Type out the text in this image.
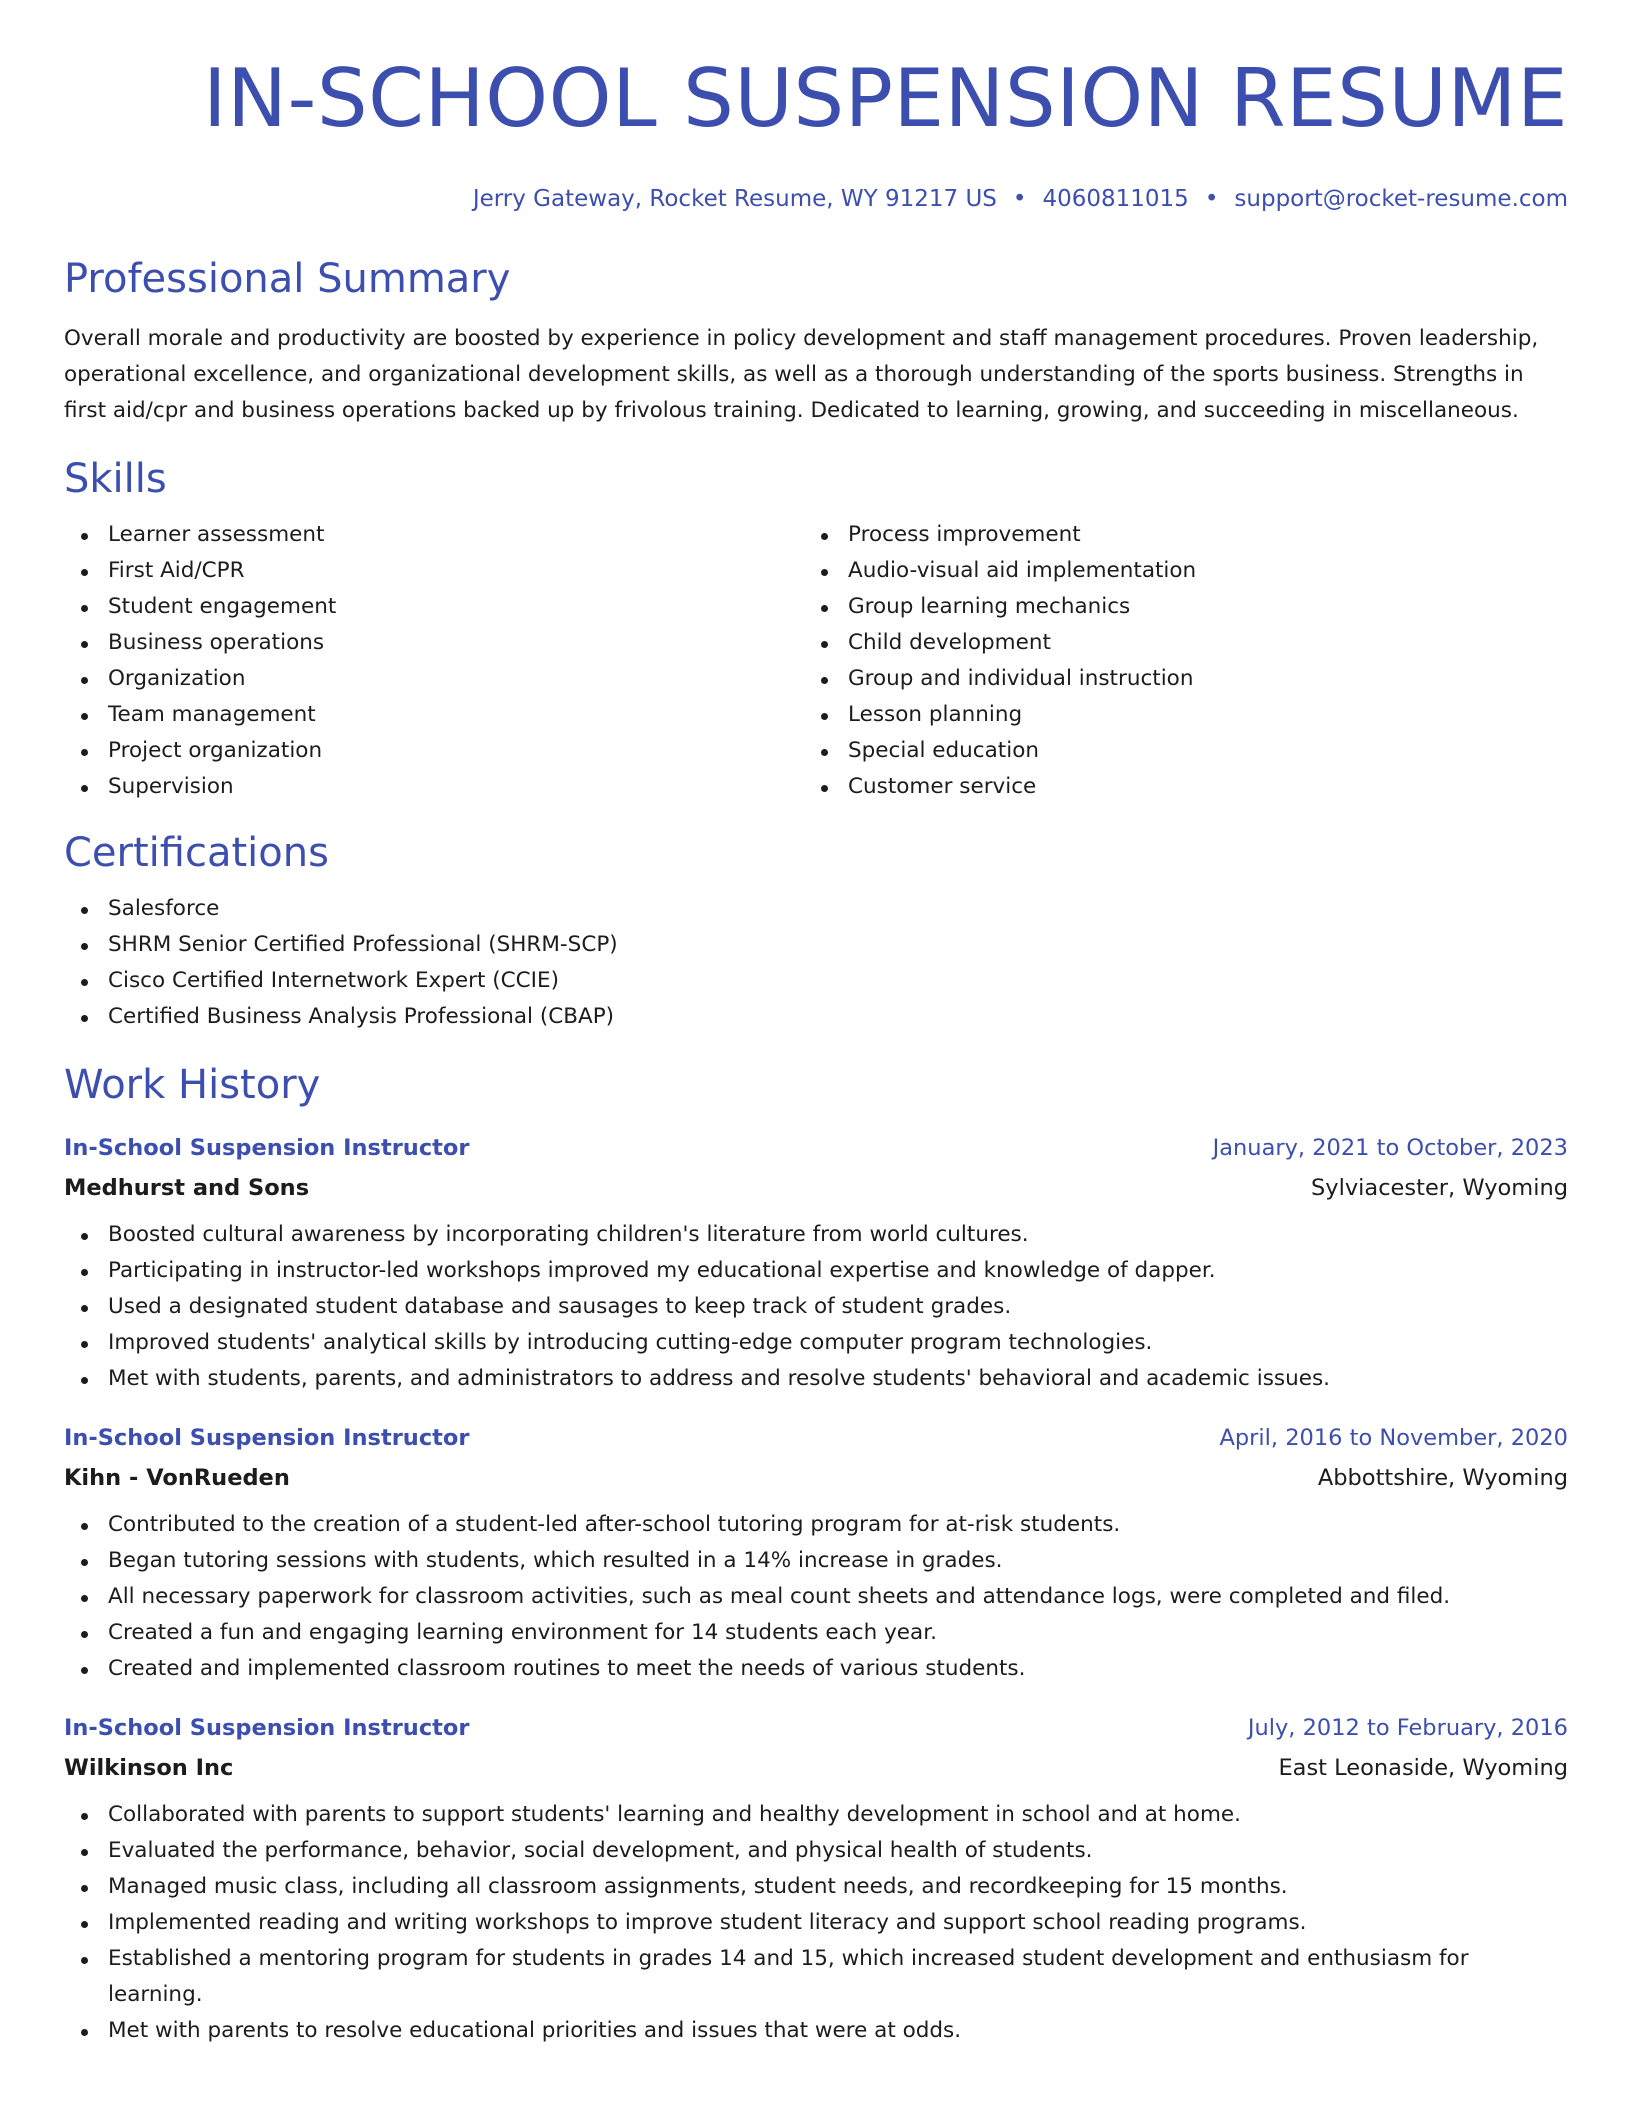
IN-SCHOOL SUSPENSION RESUME
Jerry Gateway, Rocket Resume, WY 91217 US • 4060811015 • support@rocket-resume.com
Professional Summary
Overall morale and productivity are boosted by experience in policy development and staff management procedures. Proven leadership, operational excellence, and organizational development skills, as well as a thorough understanding of the sports business. Strengths in first aid/cpr and business operations backed up by frivolous training. Dedicated to learning, growing, and succeeding in miscellaneous.
Skills
Learner assessment
First Aid/CPR
Student engagement
Business operations
Organization
Team management
Project organization
Supervision
Process improvement
Audio-visual aid implementation
Group learning mechanics
Child development
Group and individual instruction
Lesson planning
Special education
Customer service
Certifications
Salesforce
SHRM Senior Certified Professional (SHRM-SCP)
Cisco Certified Internetwork Expert (CCIE)
Certified Business Analysis Professional (CBAP)
Work History
In-School Suspension Instructor	January, 2021 to October, 2023
Medhurst and Sons	Sylviacester, Wyoming
Boosted cultural awareness by incorporating children's literature from world cultures.
Participating in instructor-led workshops improved my educational expertise and knowledge of dapper.
Used a designated student database and sausages to keep track of student grades.
Improved students' analytical skills by introducing cutting-edge computer program technologies.
Met with students, parents, and administrators to address and resolve students' behavioral and academic issues.
In-School Suspension Instructor	April, 2016 to November, 2020
Kihn - VonRueden	Abbottshire, Wyoming
Contributed to the creation of a student-led after-school tutoring program for at-risk students.
Began tutoring sessions with students, which resulted in a 14% increase in grades.
All necessary paperwork for classroom activities, such as meal count sheets and attendance logs, were completed and filed.
Created a fun and engaging learning environment for 14 students each year.
Created and implemented classroom routines to meet the needs of various students.
In-School Suspension Instructor	July, 2012 to February, 2016
Wilkinson Inc	East Leonaside, Wyoming
Collaborated with parents to support students' learning and healthy development in school and at home.
Evaluated the performance, behavior, social development, and physical health of students.
Managed music class, including all classroom assignments, student needs, and recordkeeping for 15 months.
Implemented reading and writing workshops to improve student literacy and support school reading programs.
Established a mentoring program for students in grades 14 and 15, which increased student development and enthusiasm for learning.
Met with parents to resolve educational priorities and issues that were at odds.
